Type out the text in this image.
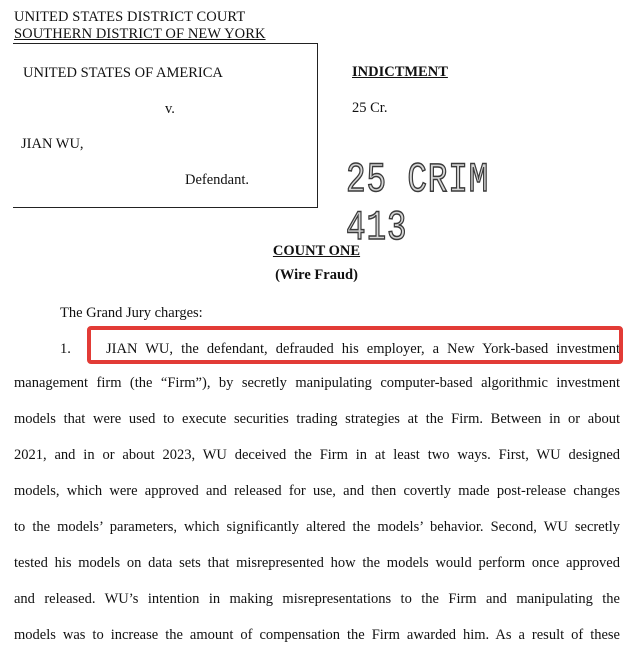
UNITED STATES DISTRICT COURT
SOUTHERN DISTRICT OF NEW YORK
UNITED STATES OF AMERICA
v.
JIAN WU,
Defendant.
INDICTMENT
25 Cr.
25 CRIM 413
COUNT ONE
(Wire Fraud)
The Grand Jury charges:
1. JIAN WU, the defendant, defrauded his employer, a New York-based investment
management firm (the “Firm”), by secretly manipulating computer-based algorithmic investment
models that were used to execute securities trading strategies at the Firm. Between in or about
2021, and in or about 2023, WU deceived the Firm in at least two ways. First, WU designed
models, which were approved and released for use, and then covertly made post-release changes
to the models’ parameters, which significantly altered the models’ behavior. Second, WU secretly
tested his models on data sets that misrepresented how the models would perform once approved
and released. WU’s intention in making misrepresentations to the Firm and manipulating the
models was to increase the amount of compensation the Firm awarded him. As a result of these
